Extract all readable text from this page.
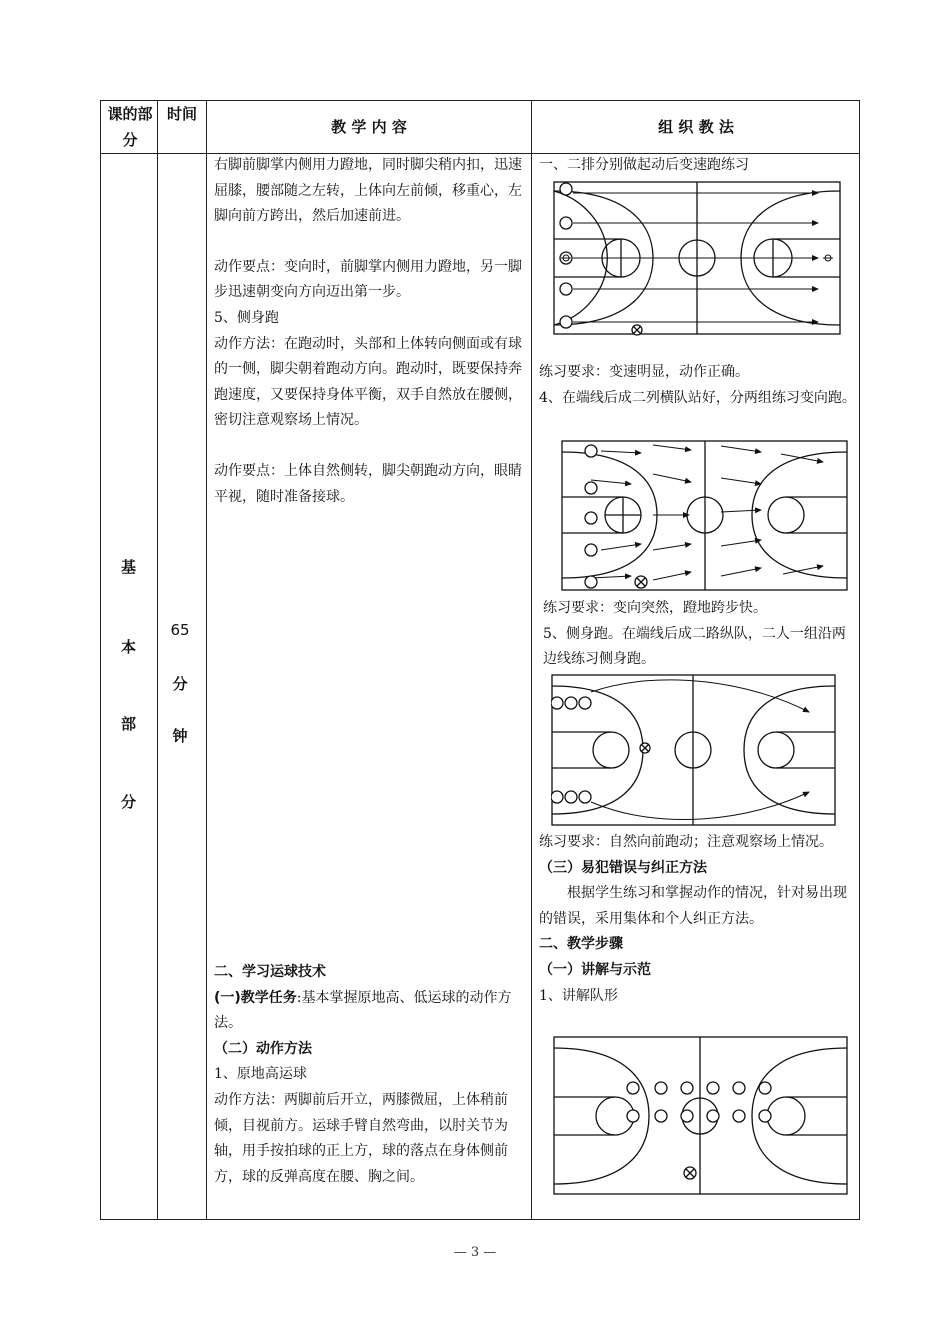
课的部分
时间
教 学 内 容	组 织 教 法
基
本
部
分
65
分
钟

右脚前脚掌内侧用力蹬地，同时脚尖稍内扣，迅速屈膝，腰部随之左转，上体向左前倾，移重心，左脚向前方跨出，然后加速前进。

动作要点：变向时，前脚掌内侧用力蹬地，另一脚步迅速朝变向方向迈出第一步。

5、侧身跑

动作方法：在跑动时，头部和上体转向侧面或有球的一侧，脚尖朝着跑动方向。跑动时，既要保持奔跑速度，又要保持身体平衡，双手自然放在腰侧，密切注意观察场上情况。

动作要点：上体自然侧转，脚尖朝跑动方向，眼睛平视，随时准备接球。

二、学习运球技术

(一)教学任务:基本掌握原地高、低运球的动作方法。

（二）动作方法

1、原地高运球

动作方法：两脚前后开立，两膝微屈，上体稍前倾，目视前方。运球手臂自然弯曲，以肘关节为轴，用手按拍球的正上方，球的落点在身体侧前方，球的反弹高度在腰、胸之间。

一、二排分别做起动后变速跑练习

练习要求：变速明显，动作正确。

4、在端线后成二列横队站好，分两组练习变向跑。

练习要求：变向突然，蹬地跨步快。

5、侧身跑。在端线后成二路纵队，二人一组沿两边线练习侧身跑。

练习要求：自然向前跑动；注意观察场上情况。

（三）易犯错误与纠正方法

根据学生练习和掌握动作的情况，针对易出现的错误，采用集体和个人纠正方法。

二、教学步骤

（一）讲解与示范

1、讲解队形

— 3 —
